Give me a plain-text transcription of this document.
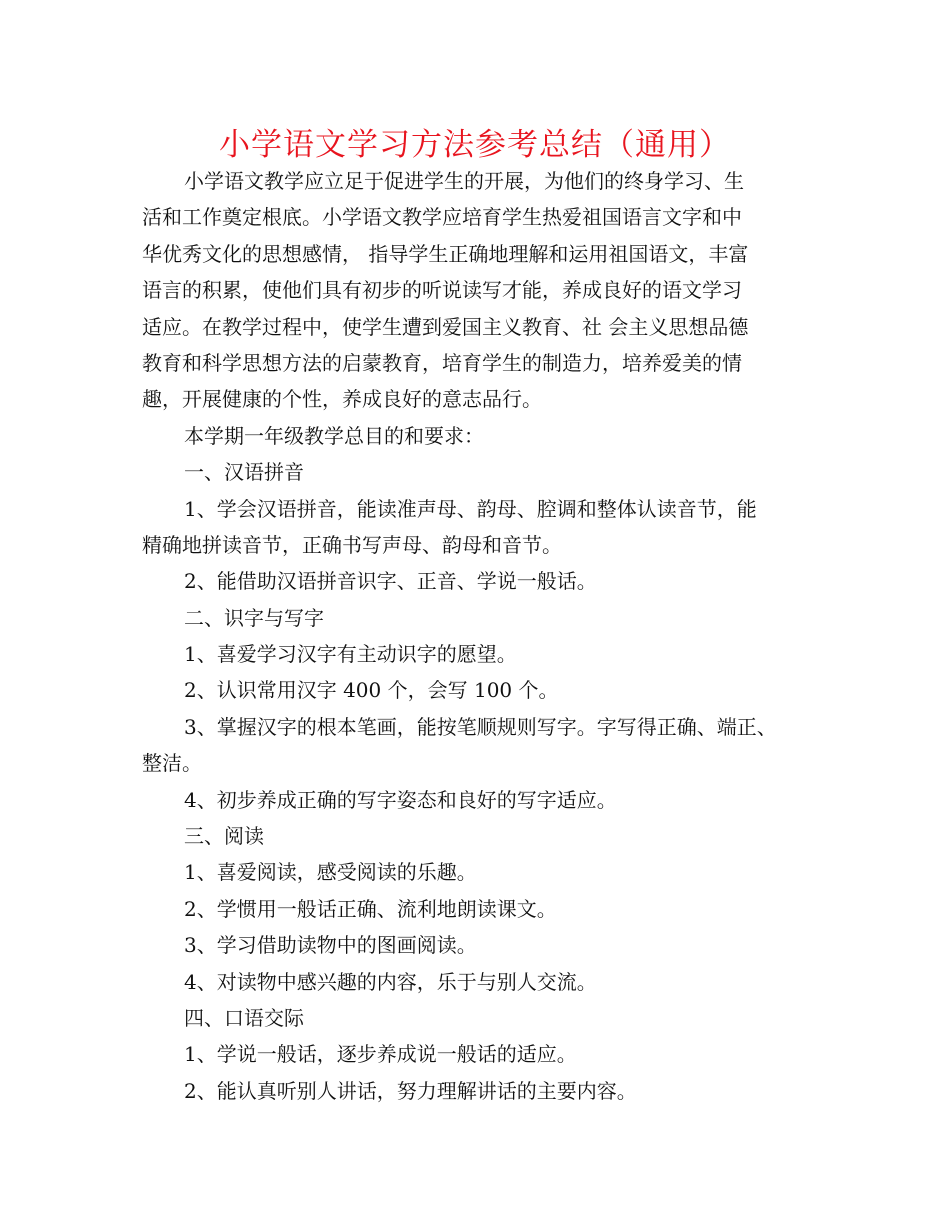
小学语文学习方法参考总结（通用）
小学语文教学应立足于促进学生的开展，为他们的终身学习、生
活和工作奠定根底。小学语文教学应培育学生热爱祖国语言文字和中
华优秀文化的思想感情， 指导学生正确地理解和运用祖国语文，丰富
语言的积累，使他们具有初步的听说读写才能，养成良好的语文学习
适应。在教学过程中，使学生遭到爱国主义教育、社 会主义思想品德
教育和科学思想方法的启蒙教育，培育学生的制造力，培养爱美的情
趣，开展健康的个性，养成良好的意志品行。
本学期一年级教学总目的和要求：
一、汉语拼音
1、学会汉语拼音，能读准声母、韵母、腔调和整体认读音节，能
精确地拼读音节，正确书写声母、韵母和音节。
2、能借助汉语拼音识字、正音、学说一般话。
二、识字与写字
1、喜爱学习汉字有主动识字的愿望。
2、认识常用汉字 400 个，会写 100 个。
3、掌握汉字的根本笔画，能按笔顺规则写字。字写得正确、端正、
整洁。
4、初步养成正确的写字姿态和良好的写字适应。
三、阅读
1、喜爱阅读，感受阅读的乐趣。
2、学惯用一般话正确、流利地朗读课文。
3、学习借助读物中的图画阅读。
4、对读物中感兴趣的内容，乐于与别人交流。
四、口语交际
1、学说一般话，逐步养成说一般话的适应。
2、能认真听别人讲话，努力理解讲话的主要内容。
